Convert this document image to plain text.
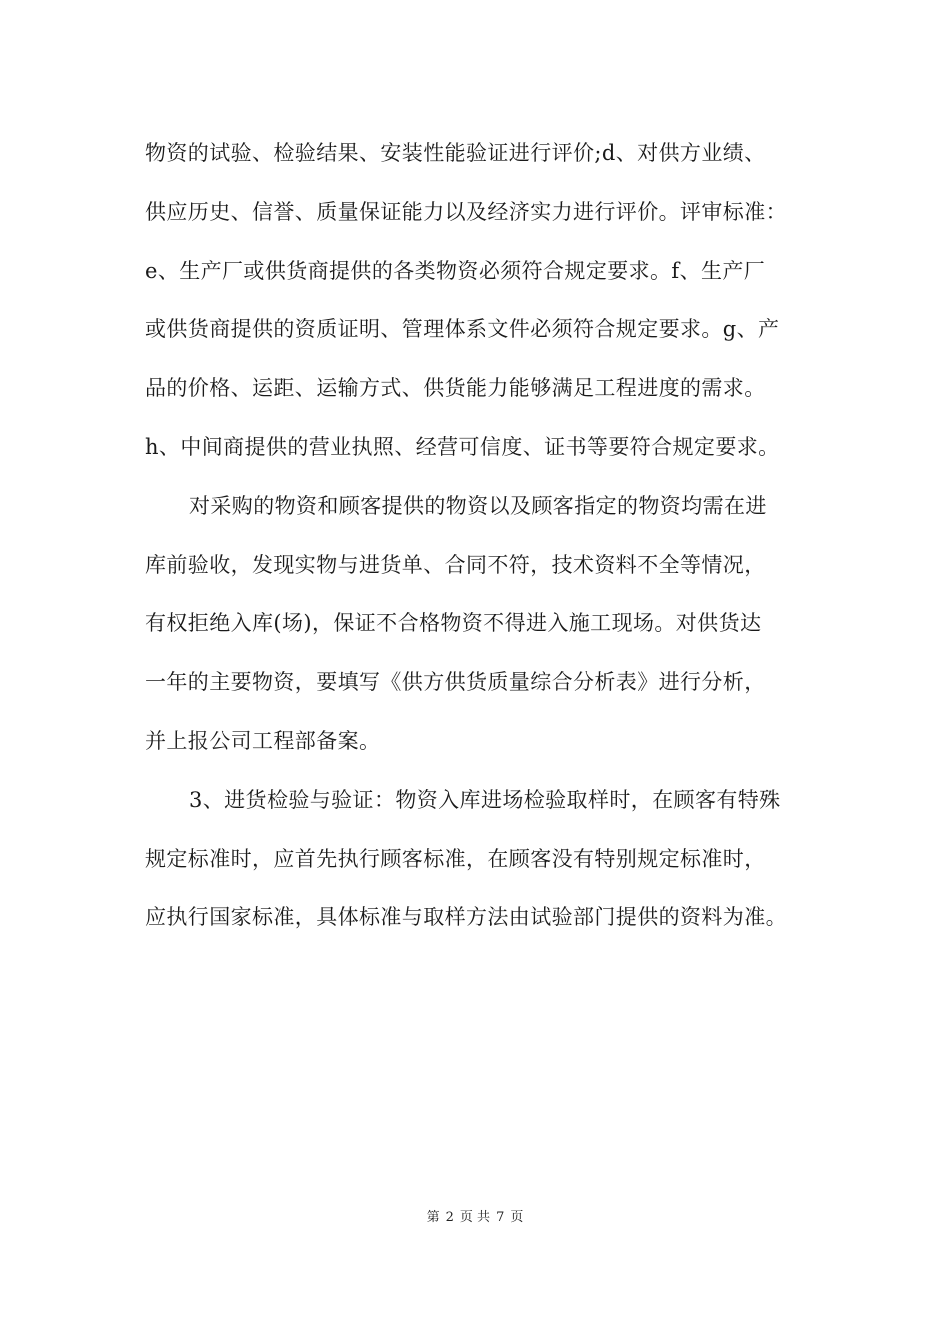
物资的试验、检验结果、安装性能验证进行评价;d、对供方业绩、
供应历史、信誉、质量保证能力以及经济实力进行评价。评审标准：
e、生产厂或供货商提供的各类物资必须符合规定要求。f、生产厂
或供货商提供的资质证明、管理体系文件必须符合规定要求。g、产
品的价格、运距、运输方式、供货能力能够满足工程进度的需求。
h、中间商提供的营业执照、经营可信度、证书等要符合规定要求。
对采购的物资和顾客提供的物资以及顾客指定的物资均需在进
库前验收，发现实物与进货单、合同不符，技术资料不全等情况，
有权拒绝入库(场)，保证不合格物资不得进入施工现场。对供货达
一年的主要物资，要填写《供方供货质量综合分析表》进行分析，
并上报公司工程部备案。
3、进货检验与验证：物资入库进场检验取样时，在顾客有特殊
规定标准时，应首先执行顾客标准，在顾客没有特别规定标准时，
应执行国家标准，具体标准与取样方法由试验部门提供的资料为准。
第 2 页 共 7 页
